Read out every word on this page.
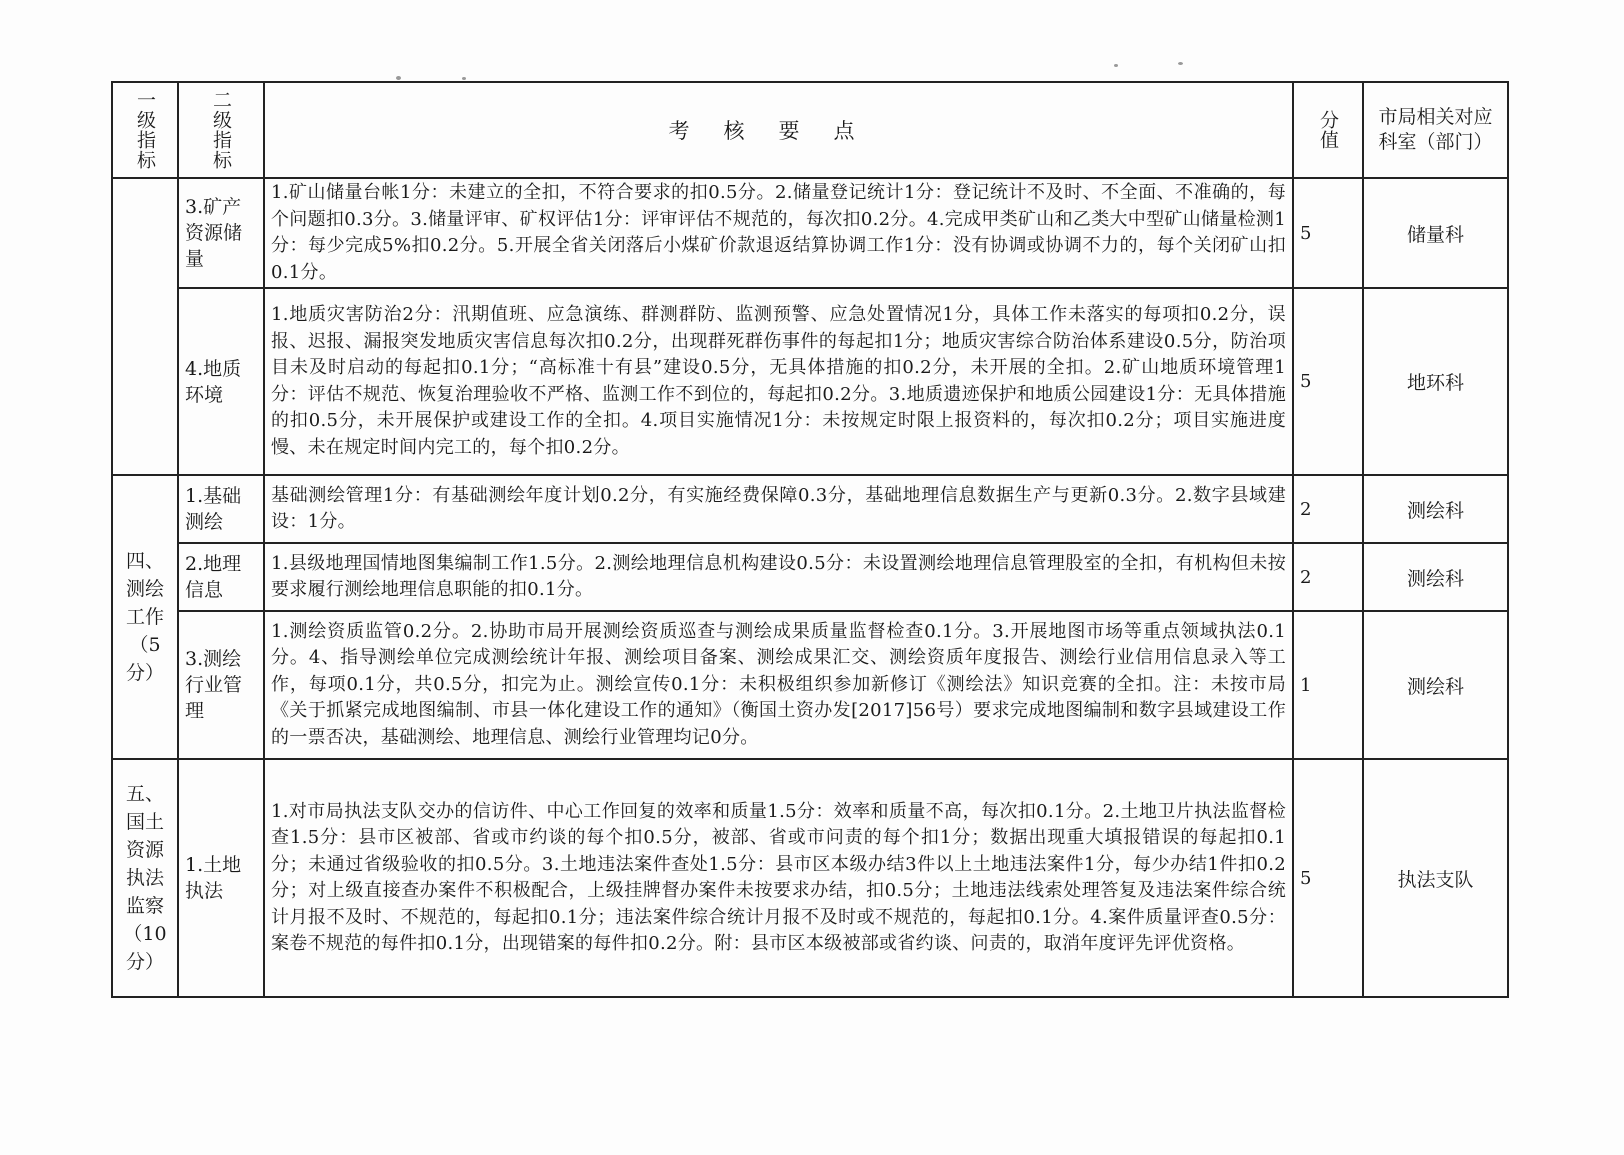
一级指标	二级指标	考核要点	分值	市局相关对应科室（部门）
	3.矿产资源储量	1.矿山储量台帐1分：未建立的全扣，不符合要求的扣0.5分。2.储量登记统计1分：登记统计不及时、不全面、不准确的，每个问题扣0.3分。3.储量评审、矿权评估1分：评审评估不规范的，每次扣0.2分。4.完成甲类矿山和乙类大中型矿山储量检测1分：每少完成5%扣0.2分。5.开展全省关闭落后小煤矿价款退返结算协调工作1分：没有协调或协调不力的，每个关闭矿山扣0.1分。	5	储量科
	4.地质环境	1.地质灾害防治2分：汛期值班、应急演练、群测群防、监测预警、应急处置情况1分，具体工作未落实的每项扣0.2分，误报、迟报、漏报突发地质灾害信息每次扣0.2分，出现群死群伤事件的每起扣1分；地质灾害综合防治体系建设0.5分，防治项目未及时启动的每起扣0.1分；“高标准十有县”建设0.5分，无具体措施的扣0.2分，未开展的全扣。2.矿山地质环境管理1分：评估不规范、恢复治理验收不严格、监测工作不到位的，每起扣0.2分。3.地质遗迹保护和地质公园建设1分：无具体措施的扣0.5分，未开展保护或建设工作的全扣。4.项目实施情况1分：未按规定时限上报资料的，每次扣0.2分；项目实施进度慢、未在规定时间内完工的，每个扣0.2分。	5	地环科
四、测绘工作（5分）	1.基础测绘	基础测绘管理1分：有基础测绘年度计划0.2分，有实施经费保障0.3分，基础地理信息数据生产与更新0.3分。2.数字县域建设：1分。	2	测绘科
	2.地理信息	1.县级地理国情地图集编制工作1.5分。2.测绘地理信息机构建设0.5分：未设置测绘地理信息管理股室的全扣，有机构但未按要求履行测绘地理信息职能的扣0.1分。	2	测绘科
	3.测绘行业管理	1.测绘资质监管0.2分。2.协助市局开展测绘资质巡查与测绘成果质量监督检查0.1分。3.开展地图市场等重点领域执法0.1分。4、指导测绘单位完成测绘统计年报、测绘项目备案、测绘成果汇交、测绘资质年度报告、测绘行业信用信息录入等工作，每项0.1分，共0.5分，扣完为止。测绘宣传0.1分：未积极组织参加新修订《测绘法》知识竞赛的全扣。注：未按市局《关于抓紧完成地图编制、市县一体化建设工作的通知》（衡国土资办发[2017]56号）要求完成地图编制和数字县域建设工作的一票否决，基础测绘、地理信息、测绘行业管理均记0分。	1	测绘科
五、国土资源执法监察（10分）	1.土地执法	1.对市局执法支队交办的信访件、中心工作回复的效率和质量1.5分：效率和质量不高，每次扣0.1分。2.土地卫片执法监督检查1.5分：县市区被部、省或市约谈的每个扣0.5分，被部、省或市问责的每个扣1分；数据出现重大填报错误的每起扣0.1分；未通过省级验收的扣0.5分。3.土地违法案件查处1.5分：县市区本级办结3件以上土地违法案件1分，每少办结1件扣0.2分；对上级直接查办案件不积极配合，上级挂牌督办案件未按要求办结，扣0.5分；土地违法线索处理答复及违法案件综合统计月报不及时、不规范的，每起扣0.1分；违法案件综合统计月报不及时或不规范的，每起扣0.1分。4.案件质量评查0.5分：案卷不规范的每件扣0.1分，出现错案的每件扣0.2分。附：县市区本级被部或省约谈、问责的，取消年度评先评优资格。	5	执法支队
